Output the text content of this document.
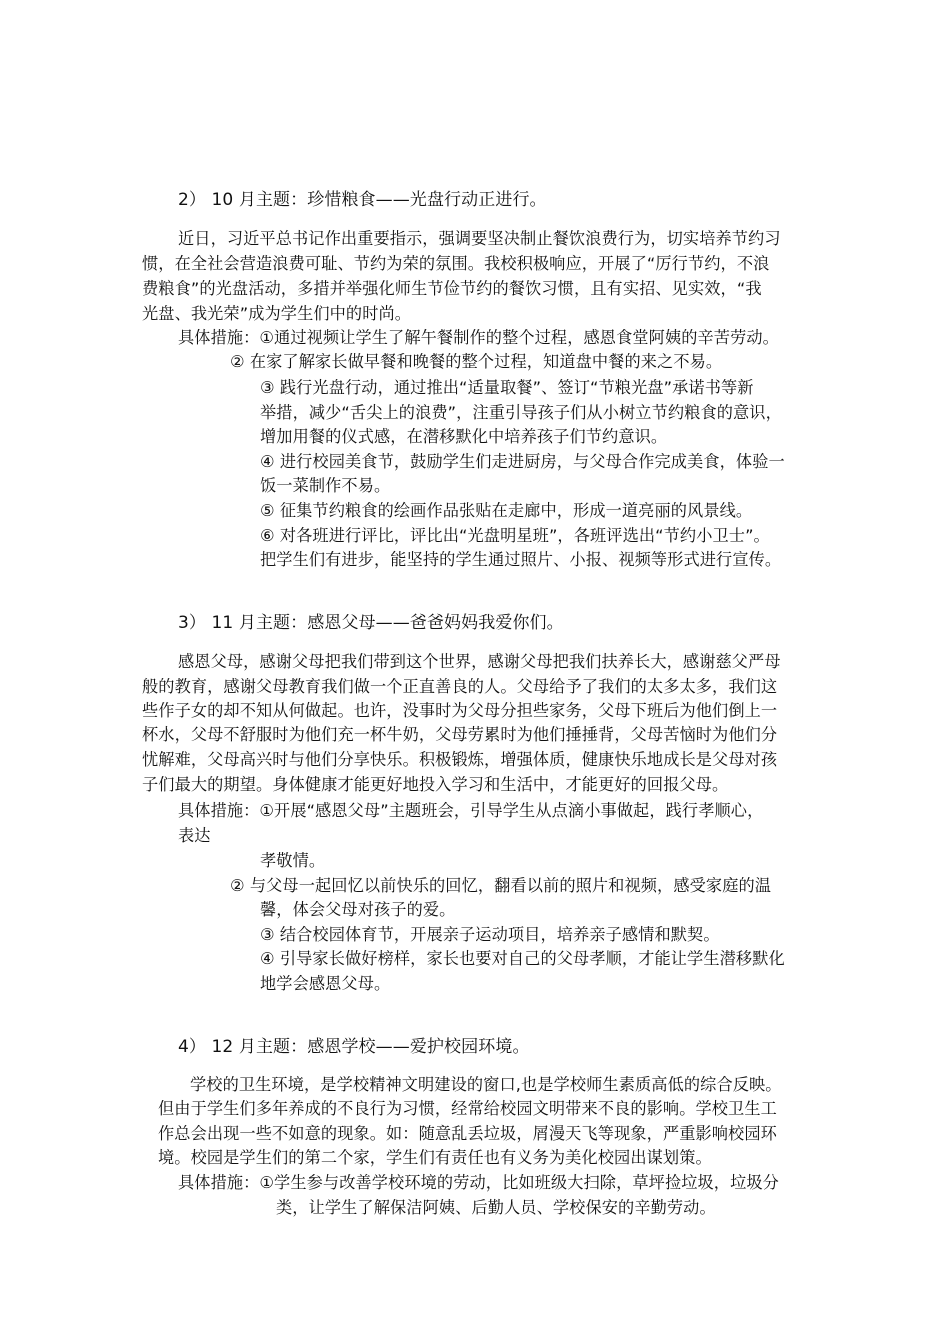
2） 10 月主题：珍惜粮食——光盘行动正进行。
近日，习近平总书记作出重要指示，强调要坚决制止餐饮浪费行为，切实培养节约习
惯，在全社会营造浪费可耻、节约为荣的氛围。我校积极响应，开展了“厉行节约，不浪
费粮食”的光盘活动，多措并举强化师生节俭节约的餐饮习惯，且有实招、见实效，“我
光盘、我光荣”成为学生们中的时尚。
具体措施：①通过视频让学生了解午餐制作的整个过程，感恩食堂阿姨的辛苦劳动。
② 在家了解家长做早餐和晚餐的整个过程，知道盘中餐的来之不易。
③ 践行光盘行动，通过推出“适量取餐”、签订“节粮光盘”承诺书等新
举措，减少“舌尖上的浪费”，注重引导孩子们从小树立节约粮食的意识，
增加用餐的仪式感，在潜移默化中培养孩子们节约意识。
④ 进行校园美食节，鼓励学生们走进厨房，与父母合作完成美食，体验一
饭一菜制作不易。
⑤ 征集节约粮食的绘画作品张贴在走廊中，形成一道亮丽的风景线。
⑥ 对各班进行评比，评比出“光盘明星班”，各班评选出“节约小卫士”。
把学生们有进步，能坚持的学生通过照片、小报、视频等形式进行宣传。
3） 11 月主题：感恩父母——爸爸妈妈我爱你们。
感恩父母，感谢父母把我们带到这个世界，感谢父母把我们扶养长大，感谢慈父严母
般的教育，感谢父母教育我们做一个正直善良的人。父母给予了我们的太多太多，我们这
些作子女的却不知从何做起。也许，没事时为父母分担些家务，父母下班后为他们倒上一
杯水，父母不舒服时为他们充一杯牛奶，父母劳累时为他们捶捶背，父母苦恼时为他们分
忧解难，父母高兴时与他们分享快乐。积极锻炼，增强体质，健康快乐地成长是父母对孩
子们最大的期望。身体健康才能更好地投入学习和生活中，才能更好的回报父母。
具体措施：①开展“感恩父母”主题班会，引导学生从点滴小事做起，践行孝顺心，
表达
孝敬情。
② 与父母一起回忆以前快乐的回忆，翻看以前的照片和视频，感受家庭的温
馨，体会父母对孩子的爱。
③ 结合校园体育节，开展亲子运动项目，培养亲子感情和默契。
④ 引导家长做好榜样，家长也要对自己的父母孝顺，才能让学生潜移默化
地学会感恩父母。
4） 12 月主题：感恩学校——爱护校园环境。
学校的卫生环境，是学校精神文明建设的窗口,也是学校师生素质高低的综合反映。
但由于学生们多年养成的不良行为习惯，经常给校园文明带来不良的影响。学校卫生工
作总会出现一些不如意的现象。如：随意乱丢垃圾，屑漫天飞等现象，严重影响校园环
境。校园是学生们的第二个家，学生们有责任也有义务为美化校园出谋划策。
具体措施：①学生参与改善学校环境的劳动，比如班级大扫除，草坪捡垃圾，垃圾分
类，让学生了解保洁阿姨、后勤人员、学校保安的辛勤劳动。
